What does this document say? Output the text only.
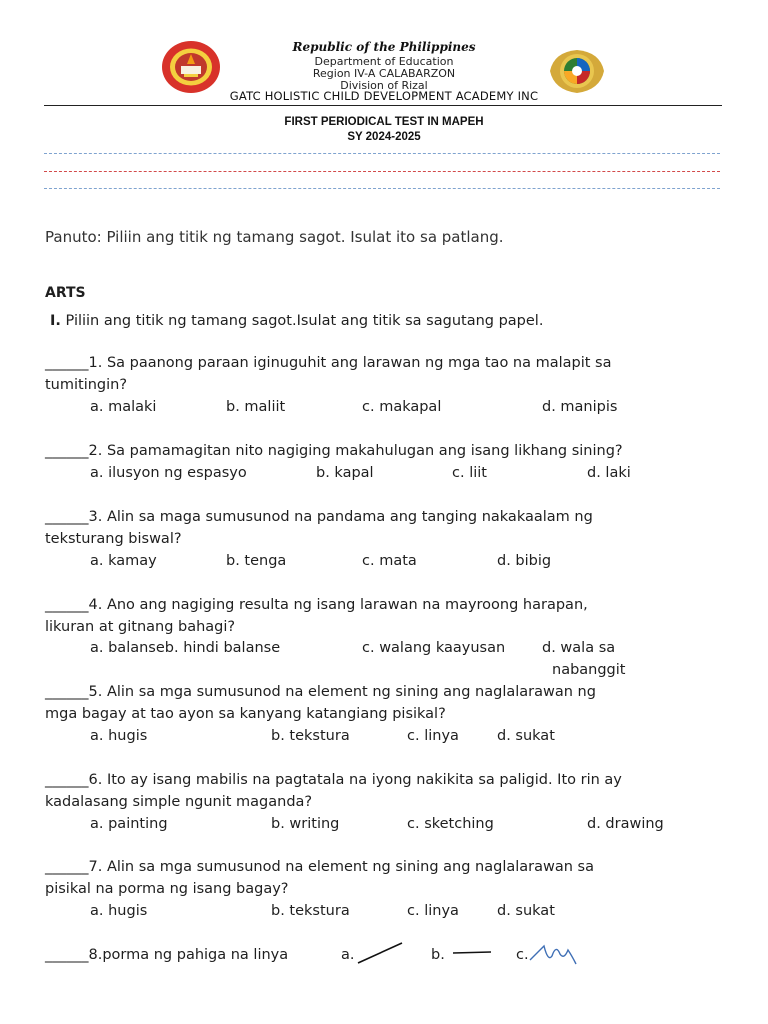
Republic of the Philippines
Department of Education
Region IV-A CALABARZON
Division of Rizal
GATC HOLISTIC CHILD DEVELOPMENT ACADEMY INC
FIRST PERIODICAL TEST IN MAPEH
SY 2024-2025
Panuto: Piliin ang titik ng tamang sagot. Isulat ito sa patlang.
ARTS
I. Piliin ang titik ng tamang sagot.Isulat ang titik sa sagutang papel.
______1. Sa paanong paraan iginuguhit ang larawan ng mga tao na malapit sa
tumitingin?
a. malaki	b. maliit	c. makapal	d. manipis
______2. Sa pamamagitan nito nagiging makahulugan ang isang likhang sining?
a. ilusyon ng espasyo	b. kapal	c. liit	d. laki
______3. Alin sa maga sumusunod na pandama ang tanging nakakaalam ng
teksturang biswal?
a. kamay	b. tenga	c. mata	d. bibig
______4. Ano ang nagiging resulta ng isang larawan na mayroong harapan,
likuran at gitnang bahagi?
a. balanseb. hindi balanse	c. walang kaayusan	d. wala sa
nabanggit
______5. Alin sa mga sumusunod na element ng sining ang naglalarawan ng
mga bagay at tao ayon sa kanyang katangiang pisikal?
a. hugis	b. tekstura	c. linya	d. sukat
______6. Ito ay isang mabilis na pagtatala na iyong nakikita sa paligid. Ito rin ay
kadalasang simple ngunit maganda?
a. painting	b. writing	c. sketching	d. drawing
______7. Alin sa mga sumusunod na element ng sining ang naglalarawan sa
pisikal na porma ng isang bagay?
a. hugis	b. tekstura	c. linya	d. sukat
______8.porma ng pahiga na linya	a.	b.	c.
